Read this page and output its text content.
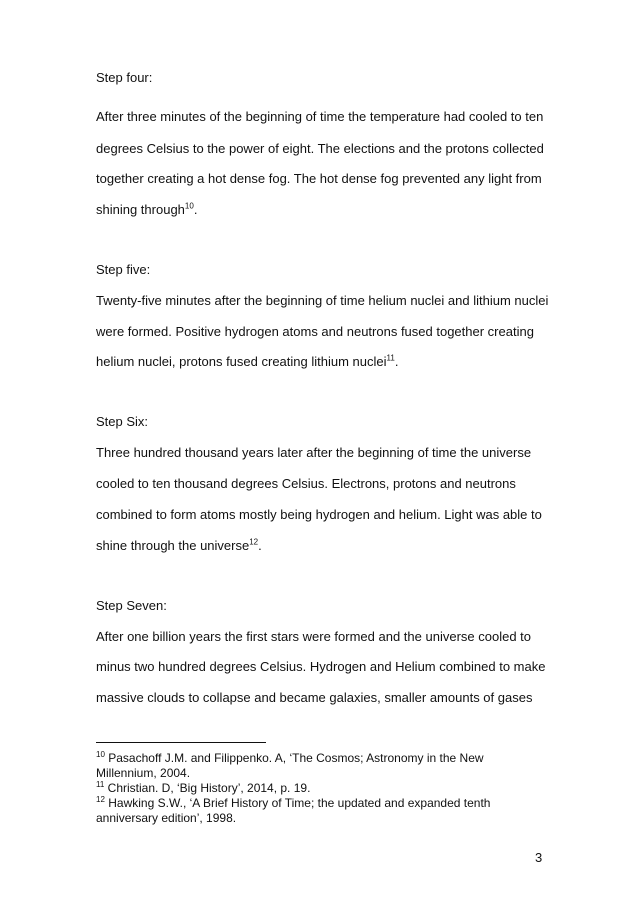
Step four:

After three minutes of the beginning of time the temperature had cooled to ten

degrees Celsius to the power of eight. The elections and the protons collected

together creating a hot dense fog. The hot dense fog prevented any light from

shining through$^{10}$.

Step five:

Twenty-five minutes after the beginning of time helium nuclei and lithium nuclei

were formed. Positive hydrogen atoms and neutrons fused together creating

helium nuclei, protons fused creating lithium nuclei$^{11}$.

Step Six:

Three hundred thousand years later after the beginning of time the universe

cooled to ten thousand degrees Celsius. Electrons, protons and neutrons

combined to form atoms mostly being hydrogen and helium. Light was able to

shine through the universe$^{12}$.

Step Seven:

After one billion years the first stars were formed and the universe cooled to

minus two hundred degrees Celsius. Hydrogen and Helium combined to make

massive clouds to collapse and became galaxies, smaller amounts of gases

$^{10}$ Pasachoff J.M. and Filippenko. A, ‘The Cosmos; Astronomy in the New

Millennium, 2004.

$^{11}$ Christian. D, ‘Big History’, 2014, p. 19.

$^{12}$ Hawking S.W., ‘A Brief History of Time; the updated and expanded tenth

anniversary edition’, 1998.

3
